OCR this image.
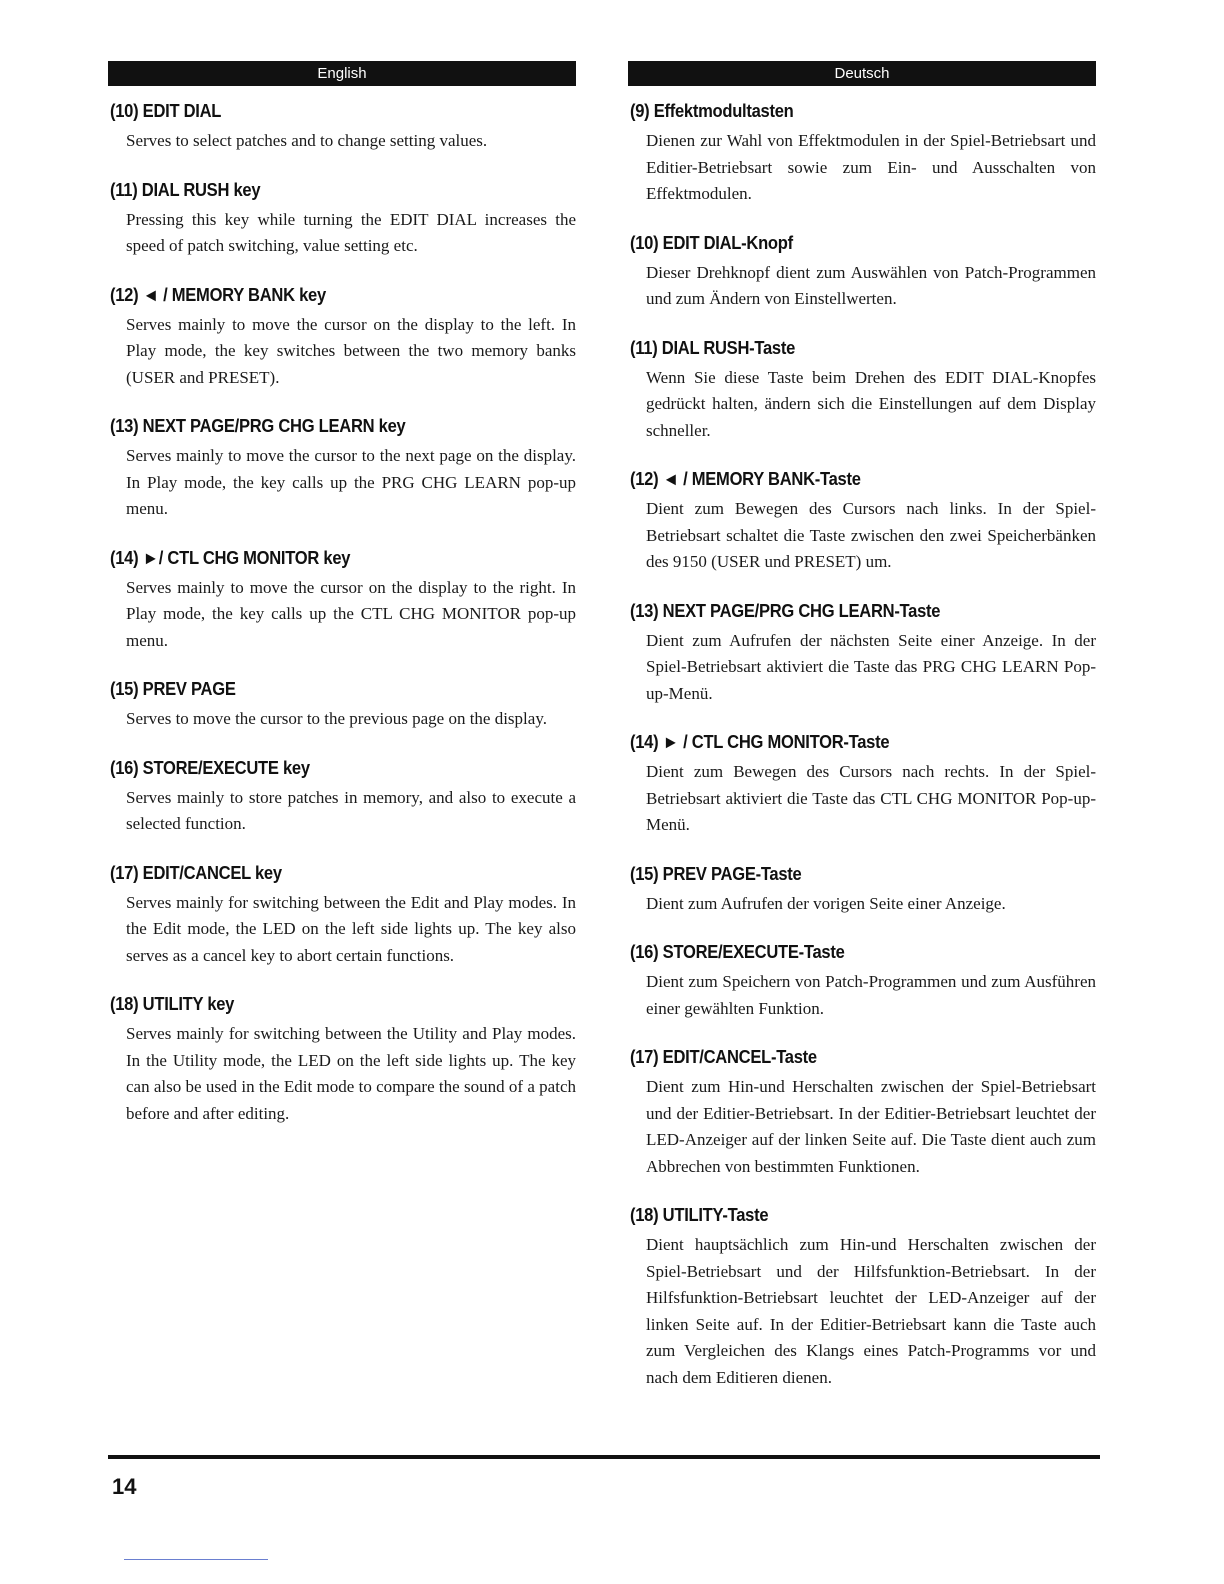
English
(10) EDIT DIAL
Serves to select patches and to change setting values.
(11) DIAL RUSH key
Pressing this key while turning the EDIT DIAL increases the speed of patch switching, value setting etc.
(12) ◄ / MEMORY BANK key
Serves mainly to move the cursor on the display to the left. In Play mode, the key switches between the two memory banks (USER and PRESET).
(13) NEXT PAGE/PRG CHG LEARN key
Serves mainly to move the cursor to the next page on the display. In Play mode, the key calls up the PRG CHG LEARN pop-up menu.
(14) ►/ CTL CHG MONITOR key
Serves mainly to move the cursor on the display to the right. In Play mode, the key calls up the CTL CHG MONITOR pop-up menu.
(15) PREV PAGE
Serves to move the cursor to the previous page on the display.
(16) STORE/EXECUTE key
Serves mainly to store patches in memory, and also to execute a selected function.
(17) EDIT/CANCEL key
Serves mainly for switching between the Edit and Play modes. In the Edit mode, the LED on the left side lights up. The key also serves as a cancel key to abort certain functions.
(18) UTILITY key
Serves mainly for switching between the Utility and Play modes. In the Utility mode, the LED on the left side lights up. The key can also be used in the Edit mode to compare the sound of a patch before and after editing.
Deutsch
(9) Effektmodultasten
Dienen zur Wahl von Effektmodulen in der Spiel-Betriebsart und Editier-Betriebsart sowie zum Ein- und Ausschalten von Effektmodulen.
(10) EDIT DIAL-Knopf
Dieser Drehknopf dient zum Auswählen von Patch-Programmen und zum Ändern von Einstellwerten.
(11) DIAL RUSH-Taste
Wenn Sie diese Taste beim Drehen des EDIT DIAL-Knopfes gedrückt halten, ändern sich die Einstellungen auf dem Display schneller.
(12) ◄ / MEMORY BANK-Taste
Dient zum Bewegen des Cursors nach links. In der Spiel-Betriebsart schaltet die Taste zwischen den zwei Speicherbänken des 9150 (USER und PRESET) um.
(13) NEXT PAGE/PRG CHG LEARN-Taste
Dient zum Aufrufen der nächsten Seite einer Anzeige. In der Spiel-Betriebsart aktiviert die Taste das PRG CHG LEARN Pop-up-Menü.
(14) ► / CTL CHG MONITOR-Taste
Dient zum Bewegen des Cursors nach rechts. In der Spiel-Betriebsart aktiviert die Taste das CTL CHG MONITOR Pop-up-Menü.
(15) PREV PAGE-Taste
Dient zum Aufrufen der vorigen Seite einer Anzeige.
(16) STORE/EXECUTE-Taste
Dient zum Speichern von Patch-Programmen und zum Ausführen einer gewählten Funktion.
(17) EDIT/CANCEL-Taste
Dient zum Hin-und Herschalten zwischen der Spiel-Betriebsart und der Editier-Betriebsart. In der Editier-Betriebsart leuchtet der LED-Anzeiger auf der linken Seite auf. Die Taste dient auch zum Abbrechen von bestimmten Funktionen.
(18) UTILITY-Taste
Dient hauptsächlich zum Hin-und Herschalten zwischen der Spiel-Betriebsart und der Hilfsfunktion-Betriebsart. In der Hilfsfunktion-Betriebsart leuchtet der LED-Anzeiger auf der linken Seite auf. In der Editier-Betriebsart kann die Taste auch zum Vergleichen des Klangs eines Patch-Programms vor und nach dem Editieren dienen.
14
